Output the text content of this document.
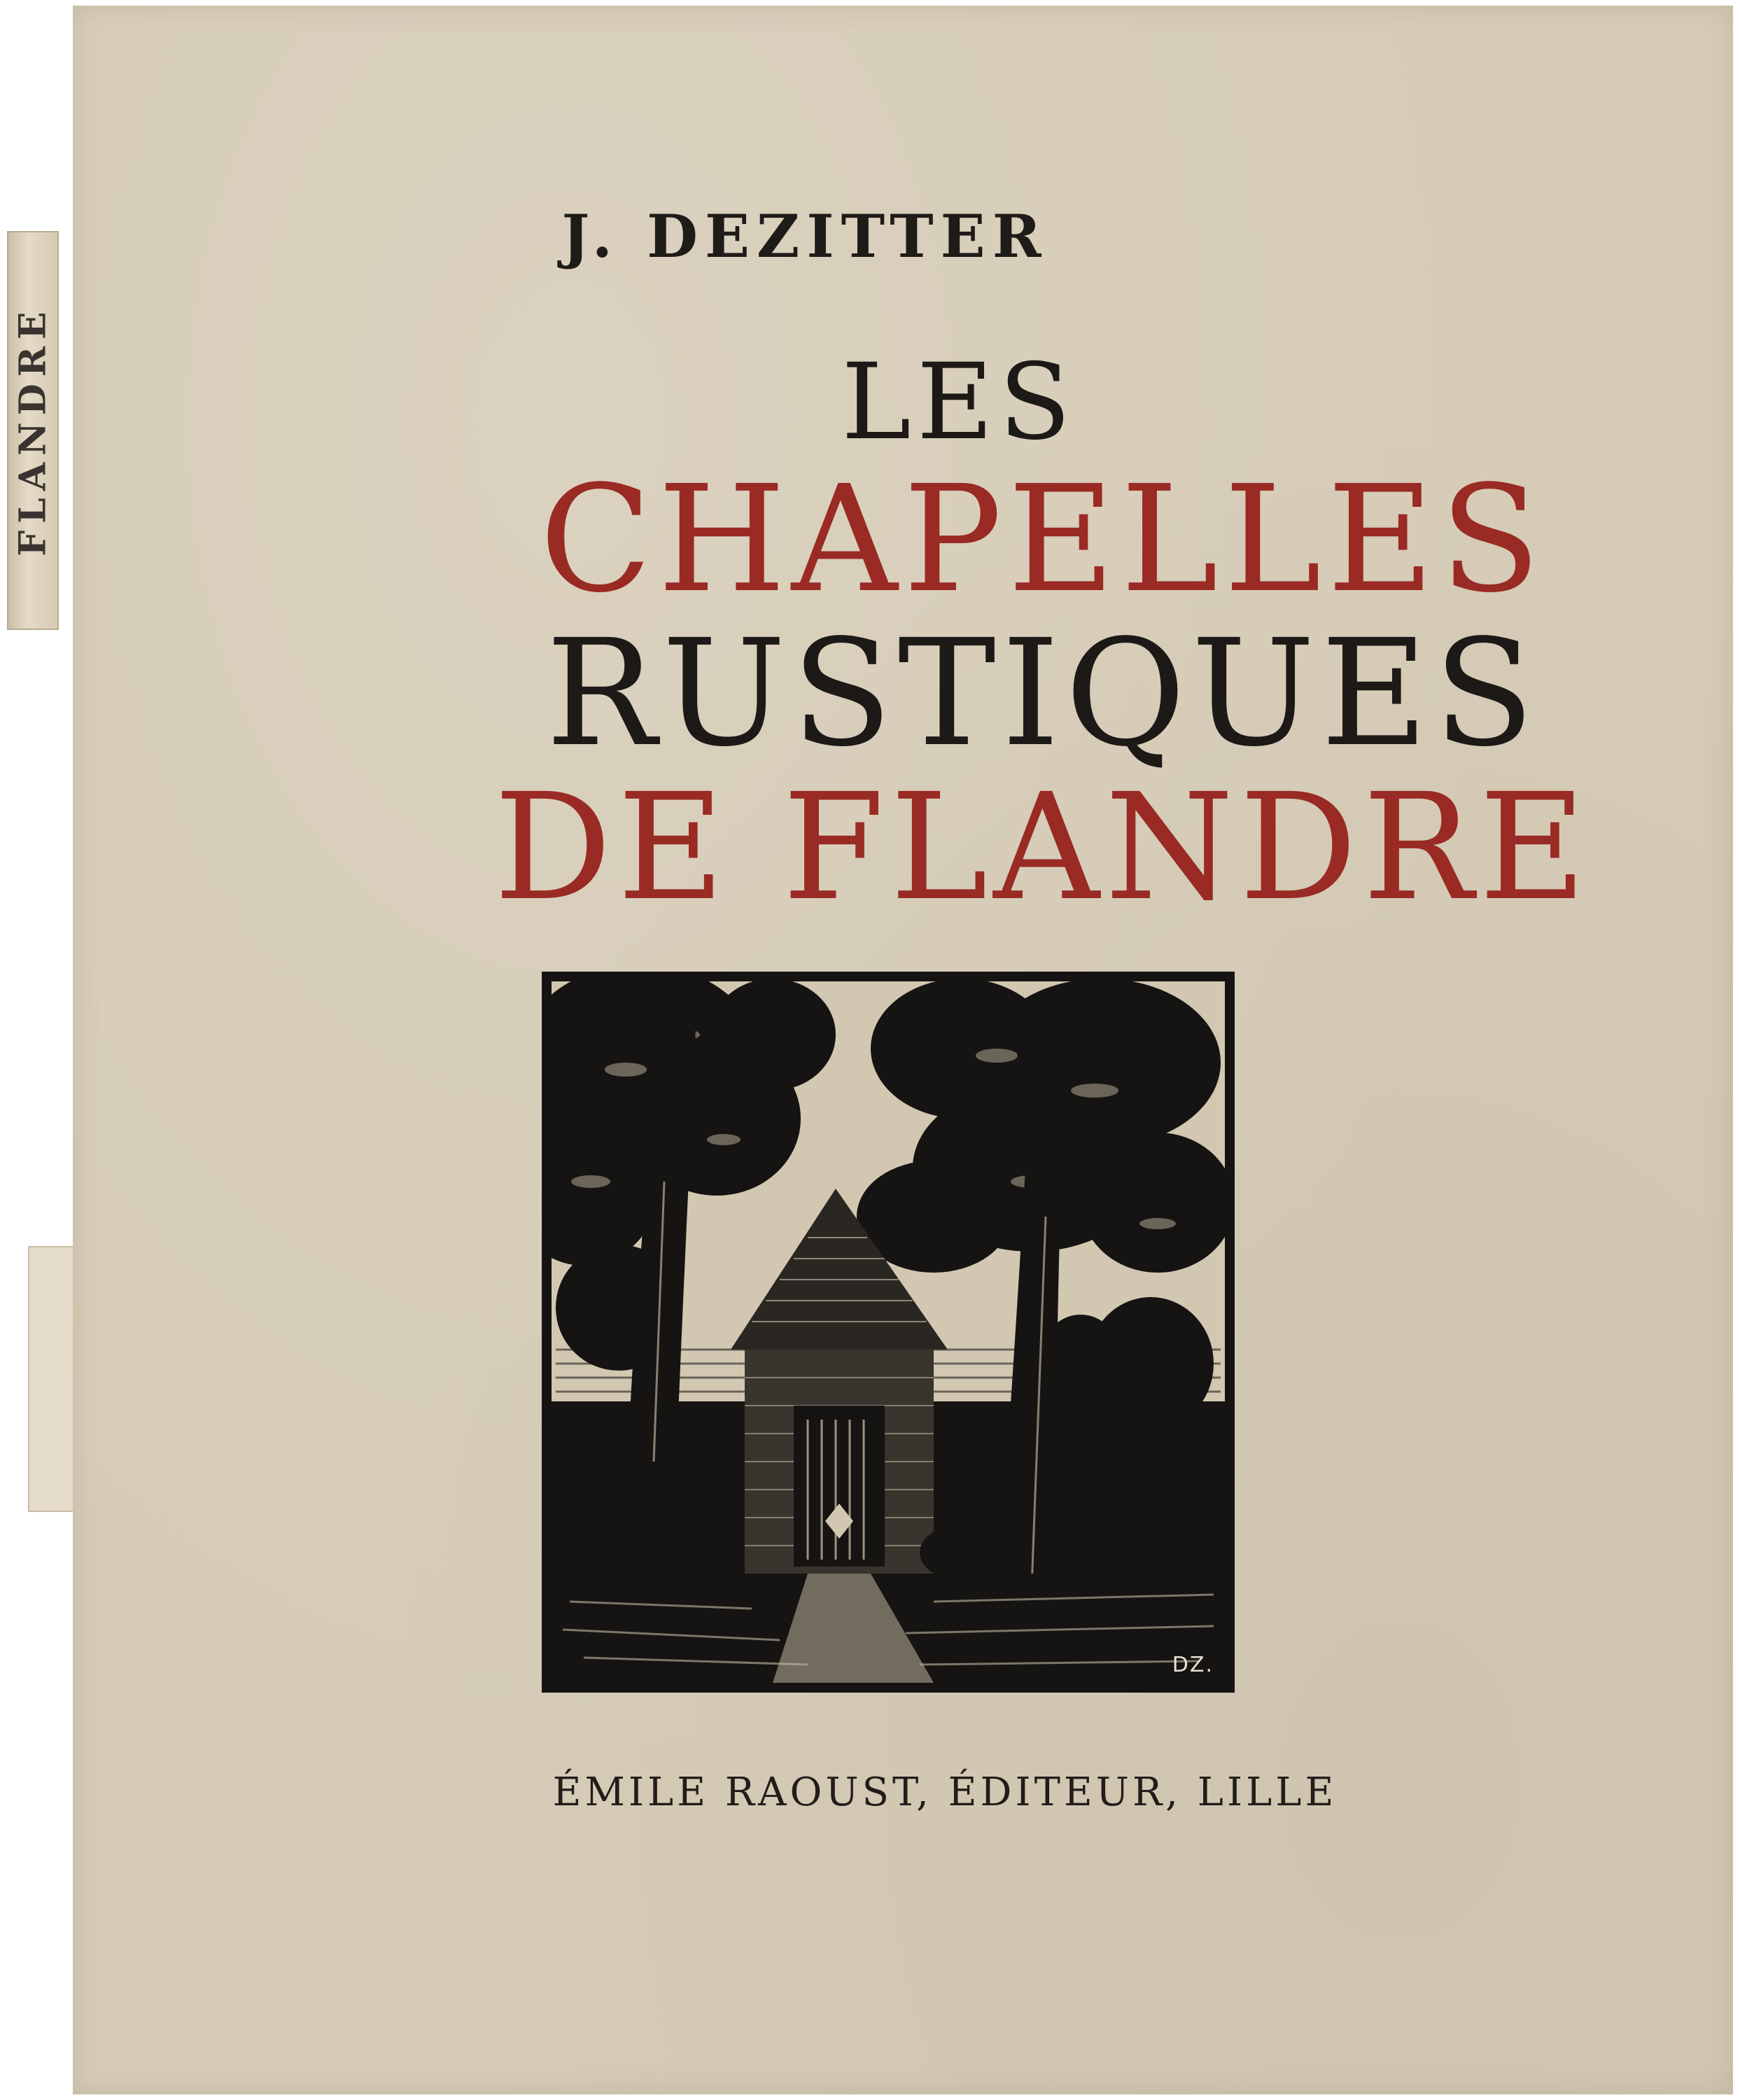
FLANDRE
J. DEZITTER
LES
CHAPELLES
RUSTIQUES
DE FLANDRE
DZ.
ÉMILE RAOUST, ÉDITEUR, LILLE
